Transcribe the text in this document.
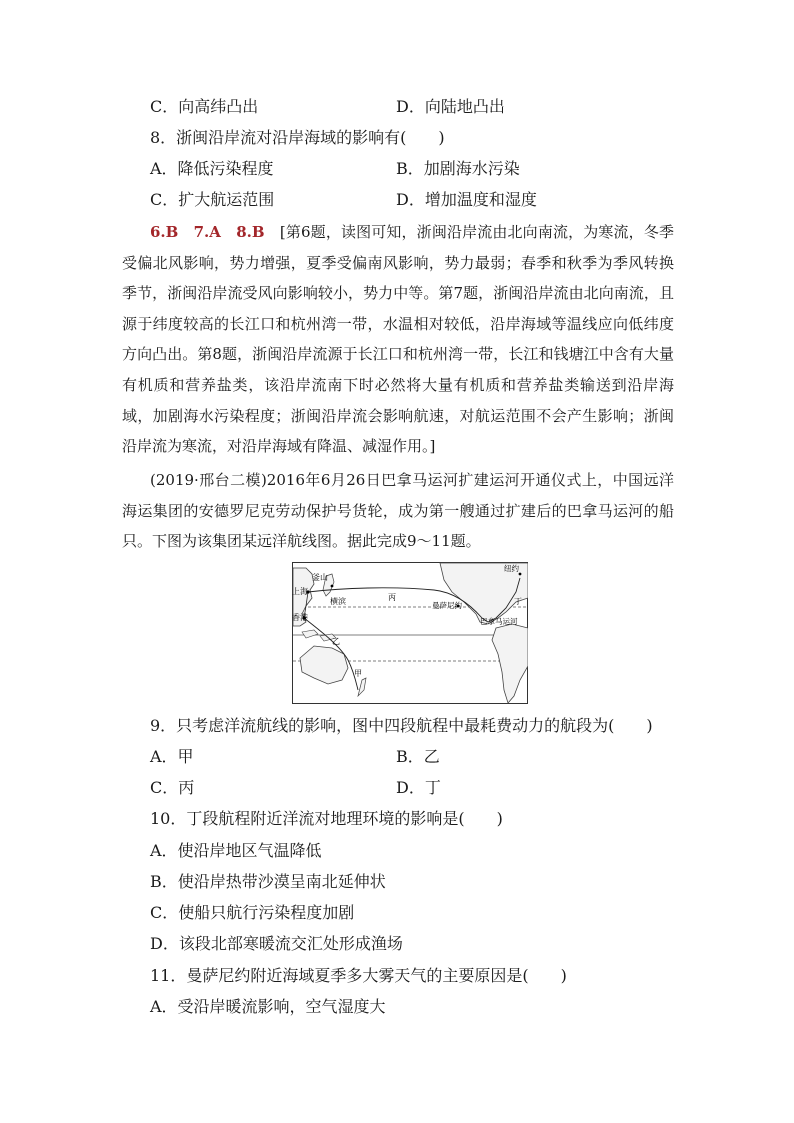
C．向高纬凸出	D．向陆地凸出
8．浙闽沿岸流对沿岸海域的影响有(　　)
A．降低污染程度	B．加剧海水污染
C．扩大航运范围	D．增加温度和湿度
6.B　7.A　8.B　 [第6题，读图可知，浙闽沿岸流由北向南流，为寒流，冬季受偏北风影响，势力增强，夏季受偏南风影响，势力最弱；春季和秋季为季风转换季节，浙闽沿岸流受风向影响较小，势力中等。第7题，浙闽沿岸流由北向南流，且源于纬度较高的长江口和杭州湾一带，水温相对较低，沿岸海域等温线应向低纬度方向凸出。第8题，浙闽沿岸流源于长江口和杭州湾一带，长江和钱塘江中含有大量有机质和营养盐类，该沿岸流南下时必然将大量有机质和营养盐类输送到沿岸海域，加剧海水污染程度；浙闽沿岸流会影响航速，对航运范围不会产生影响；浙闽沿岸流为寒流，对沿岸海域有降温、减湿作用。]
(2019·邢台二模)2016年6月26日巴拿马运河扩建运河开通仪式上，中国远洋海运集团的安德罗尼克劳动保护号货轮，成为第一艘通过扩建后的巴拿马运河的船只。下图为该集团某远洋航线图。据此完成9～11题。
釜山
上海
横滨
香港
丙
乙
甲
丁
曼萨尼约
巴拿马运河
纽约
9．只考虑洋流航线的影响，图中四段航程中最耗费动力的航段为(　　)
A．甲	B．乙
C．丙	D．丁
10．丁段航程附近洋流对地理环境的影响是(　　)
A．使沿岸地区气温降低
B．使沿岸热带沙漠呈南北延伸状
C．使船只航行污染程度加剧
D．该段北部寒暖流交汇处形成渔场
11．曼萨尼约附近海域夏季多大雾天气的主要原因是(　　)
A．受沿岸暖流影响，空气湿度大
